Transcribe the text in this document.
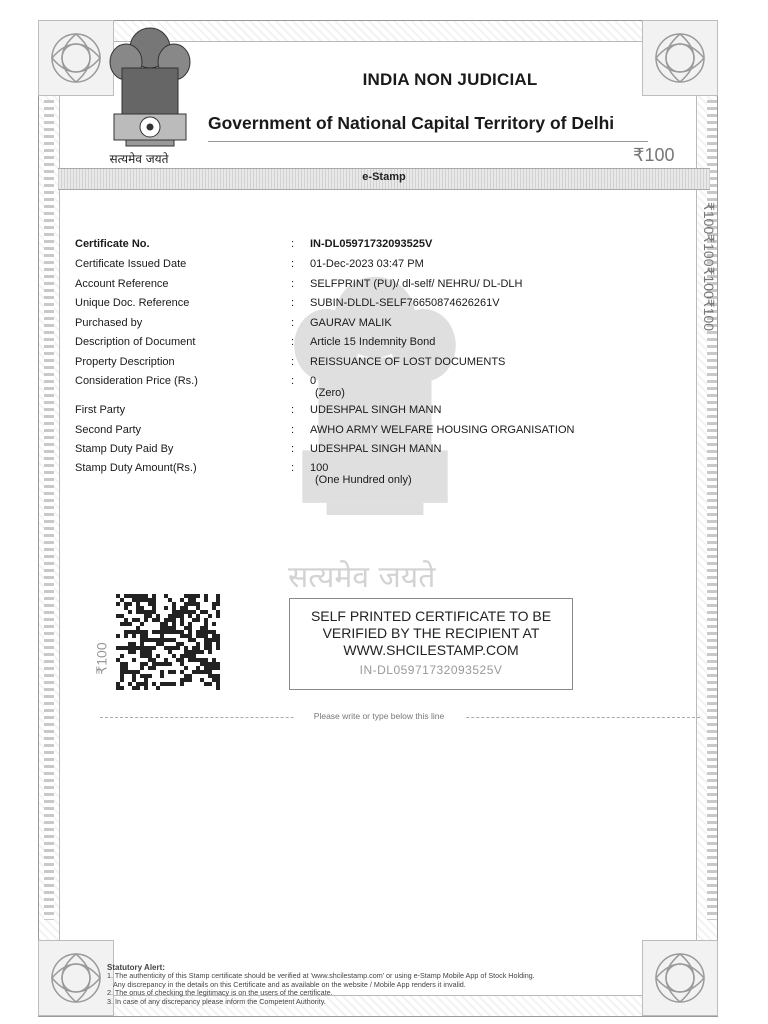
सत्यमेव जयते
INDIA NON JUDICIAL
Government of National Capital Territory of Delhi
₹100
e-Stamp
₹100₹100₹100₹100
₹100
सत्यमेव जयते
Certificate No.	: IN-DL05971732093525V
Certificate Issued Date	: 01-Dec-2023 03:47 PM
Account Reference	: SELFPRINT (PU)/ dl-self/ NEHRU/ DL-DLH
Unique Doc. Reference	: SUBIN-DLDL-SELF76650874626261V
Purchased by	: GAURAV MALIK
Description of Document	: Article 15 Indemnity Bond
Property Description	: REISSUANCE OF LOST DOCUMENTS
Consideration Price (Rs.)	: 0
(Zero)
First Party	: UDESHPAL SINGH MANN
Second Party	: AWHO ARMY WELFARE HOUSING ORGANISATION
Stamp Duty Paid By	: UDESHPAL SINGH MANN
Stamp Duty Amount(Rs.)	: 100
(One Hundred only)
SELF PRINTED CERTIFICATE TO BE
VERIFIED BY THE RECIPIENT AT
WWW.SHCILESTAMP.COM
IN-DL05971732093525V
Please write or type below this line
Statutory Alert:
1. The authenticity of this Stamp certificate should be verified at 'www.shcilestamp.com' or using e-Stamp Mobile App of Stock Holding.
Any discrepancy in the details on this Certificate and as available on the website / Mobile App renders it invalid.
2. The onus of checking the legitimacy is on the users of the certificate.
3. In case of any discrepancy please inform the Competent Authority.
